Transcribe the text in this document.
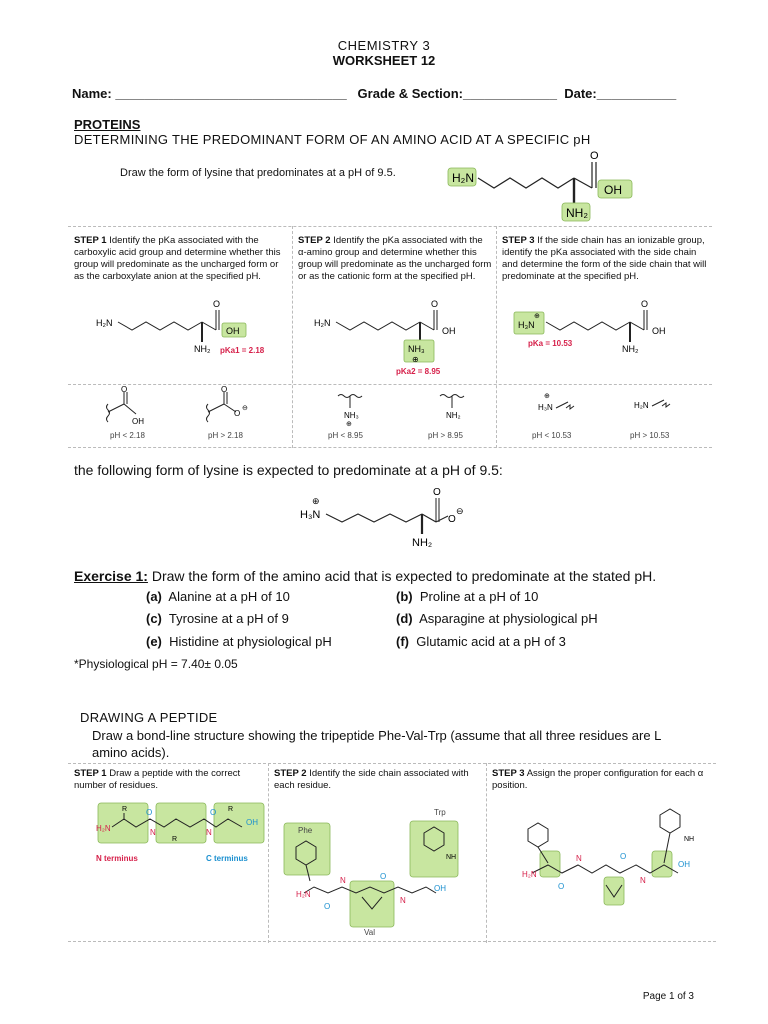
CHEMISTRY 3
WORKSHEET 12
Name: ________________________________   Grade & Section:_____________  Date:___________
PROTEINS
DETERMINING THE PREDOMINANT FORM OF AN AMINO ACID AT A SPECIFIC pH
Draw the form of lysine that predominates at a pH of 9.5.	H₂N
O
OH
NH₂
STEP 1 Identify the pKa associated with the carboxylic acid group and determine whether this group will predominate as the uncharged form or as the carboxylate anion at the specified pH.
STEP 2 Identify the pKa associated with the α-amino group and determine whether this group will predominate as the uncharged form or as the cationic form at the specified pH.
STEP 3 If the side chain has an ionizable group, identify the pKa associated with the side chain and determine the form of the side chain that will predominate at the specified pH.
H₂N
O
OH
NH₂ pKa1 = 2.18
H₂N
O
OH
NH₃
⊕
pKa2 = 8.95
H₃N
⊕
O
OH
NH₂
pKa = 10.53
O
OH
O
O
⊖
NH₃
⊕
NH₂
H₃N
⊕
H₂N
pH < 2.18	pH > 2.18	pH < 8.95	pH > 8.95	pH < 10.53	pH > 10.53
the following form of lysine is expected to predominate at a pH of 9.5:
H₃N
⊕
O
O
⊖
NH₂
Exercise 1: Draw the form of the amino acid that is expected to predominate at the stated pH.
(a) Alanine at a pH of 10	(b) Proline at a pH of 10
(c) Tyrosine at a pH of 9	(d) Asparagine at physiological pH
(e) Histidine at physiological pH	(f) Glutamic acid at a pH of 3
*Physiological pH = 7.40± 0.05
DRAWING A PEPTIDE
Draw a bond-line structure showing the tripeptide Phe-Val-Trp (assume that all three residues are L amino acids).
STEP 1 Draw a peptide with the correct number of residues.
STEP 2 Identify the side chain associated with each residue.
STEP 3 Assign the proper configuration for each α position.
H₂N
R
R
R
OH
O	O
N	N
N terminus	C terminus
Phe
Val
Trp
NH
H₂N
N
N
OH
O
O
NH
H₂N
N
N
OH
O
O
Page 1 of 3
